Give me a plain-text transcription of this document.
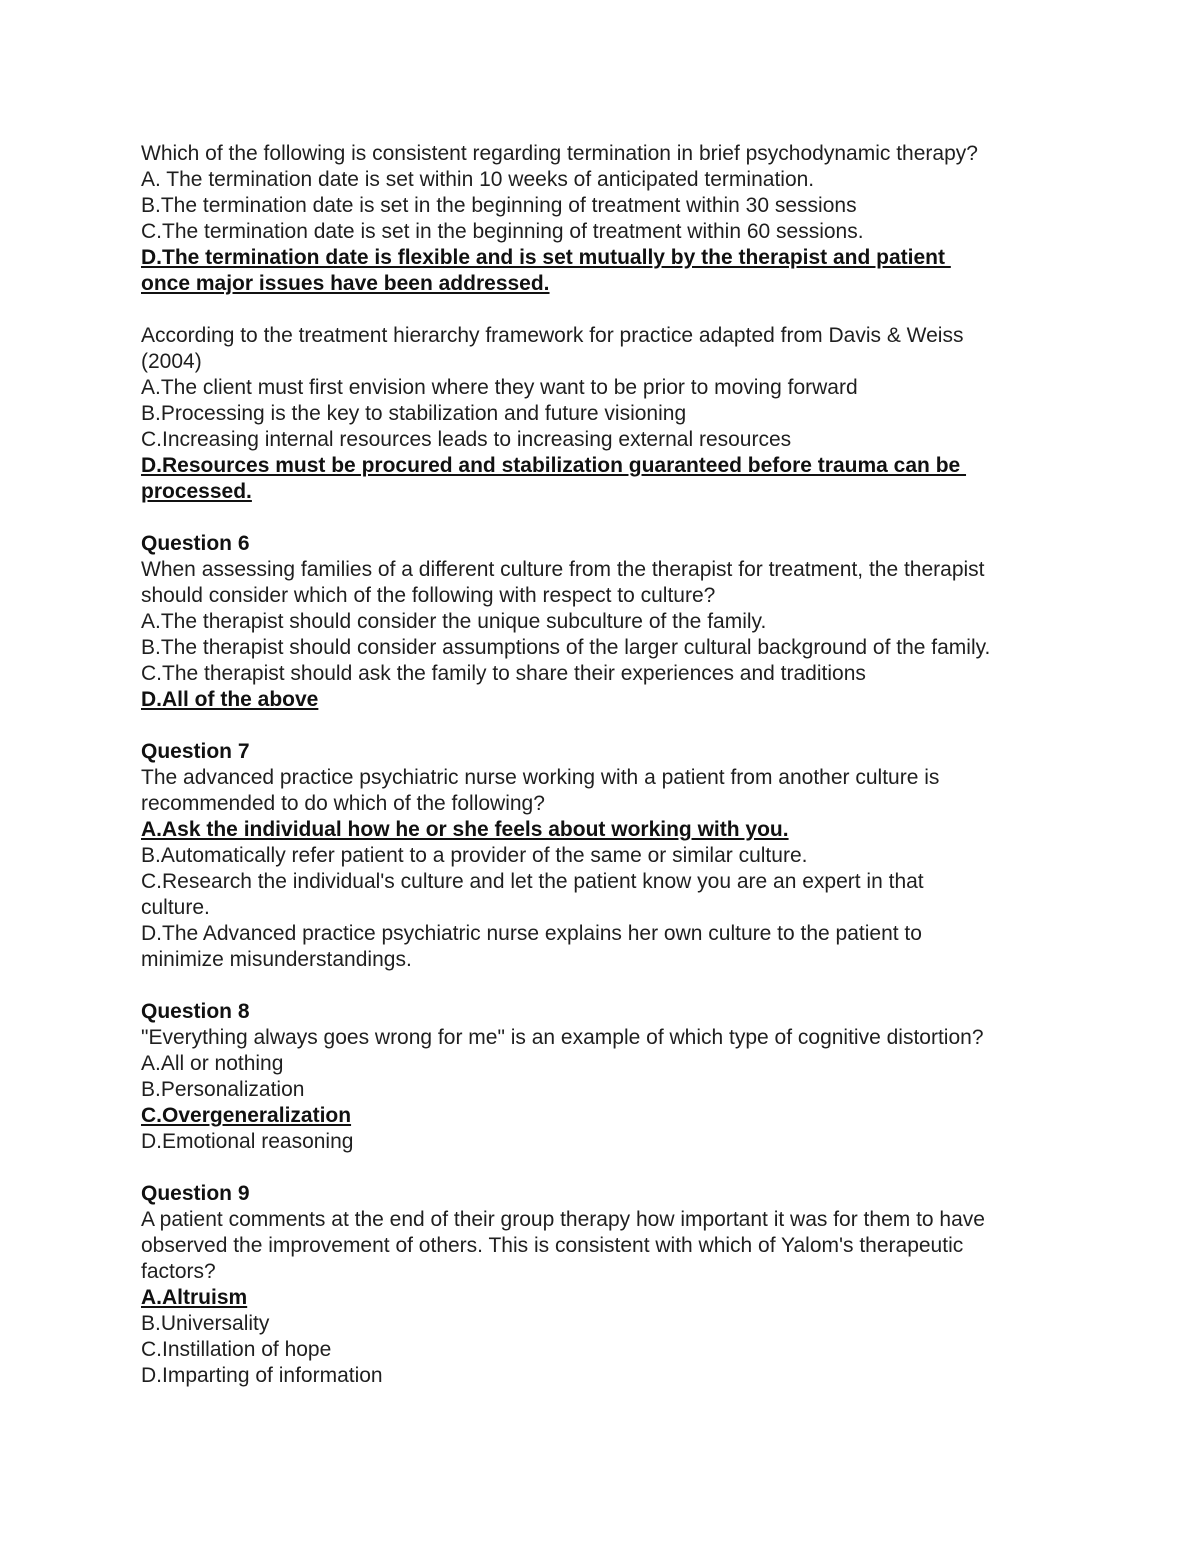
Which of the following is consistent regarding termination in brief psychodynamic therapy?
A. The termination date is set within 10 weeks of anticipated termination.
B.The termination date is set in the beginning of treatment within 30 sessions
C.The termination date is set in the beginning of treatment within 60 sessions.
D.The termination date is flexible and is set mutually by the therapist and patient
once major issues have been addressed.
According to the treatment hierarchy framework for practice adapted from Davis & Weiss
(2004)
A.The client must first envision where they want to be prior to moving forward
B.Processing is the key to stabilization and future visioning
C.Increasing internal resources leads to increasing external resources
D.Resources must be procured and stabilization guaranteed before trauma can be
processed.
Question 6
When assessing families of a different culture from the therapist for treatment, the therapist
should consider which of the following with respect to culture?
A.The therapist should consider the unique subculture of the family.
B.The therapist should consider assumptions of the larger cultural background of the family.
C.The therapist should ask the family to share their experiences and traditions
D.All of the above
Question 7
The advanced practice psychiatric nurse working with a patient from another culture is
recommended to do which of the following?
A.Ask the individual how he or she feels about working with you.
B.Automatically refer patient to a provider of the same or similar culture.
C.Research the individual's culture and let the patient know you are an expert in that
culture.
D.The Advanced practice psychiatric nurse explains her own culture to the patient to
minimize misunderstandings.
Question 8
"Everything always goes wrong for me" is an example of which type of cognitive distortion?
A.All or nothing
B.Personalization
C.Overgeneralization
D.Emotional reasoning
Question 9
A patient comments at the end of their group therapy how important it was for them to have
observed the improvement of others. This is consistent with which of Yalom's therapeutic
factors?
A.Altruism
B.Universality
C.Instillation of hope
D.Imparting of information
